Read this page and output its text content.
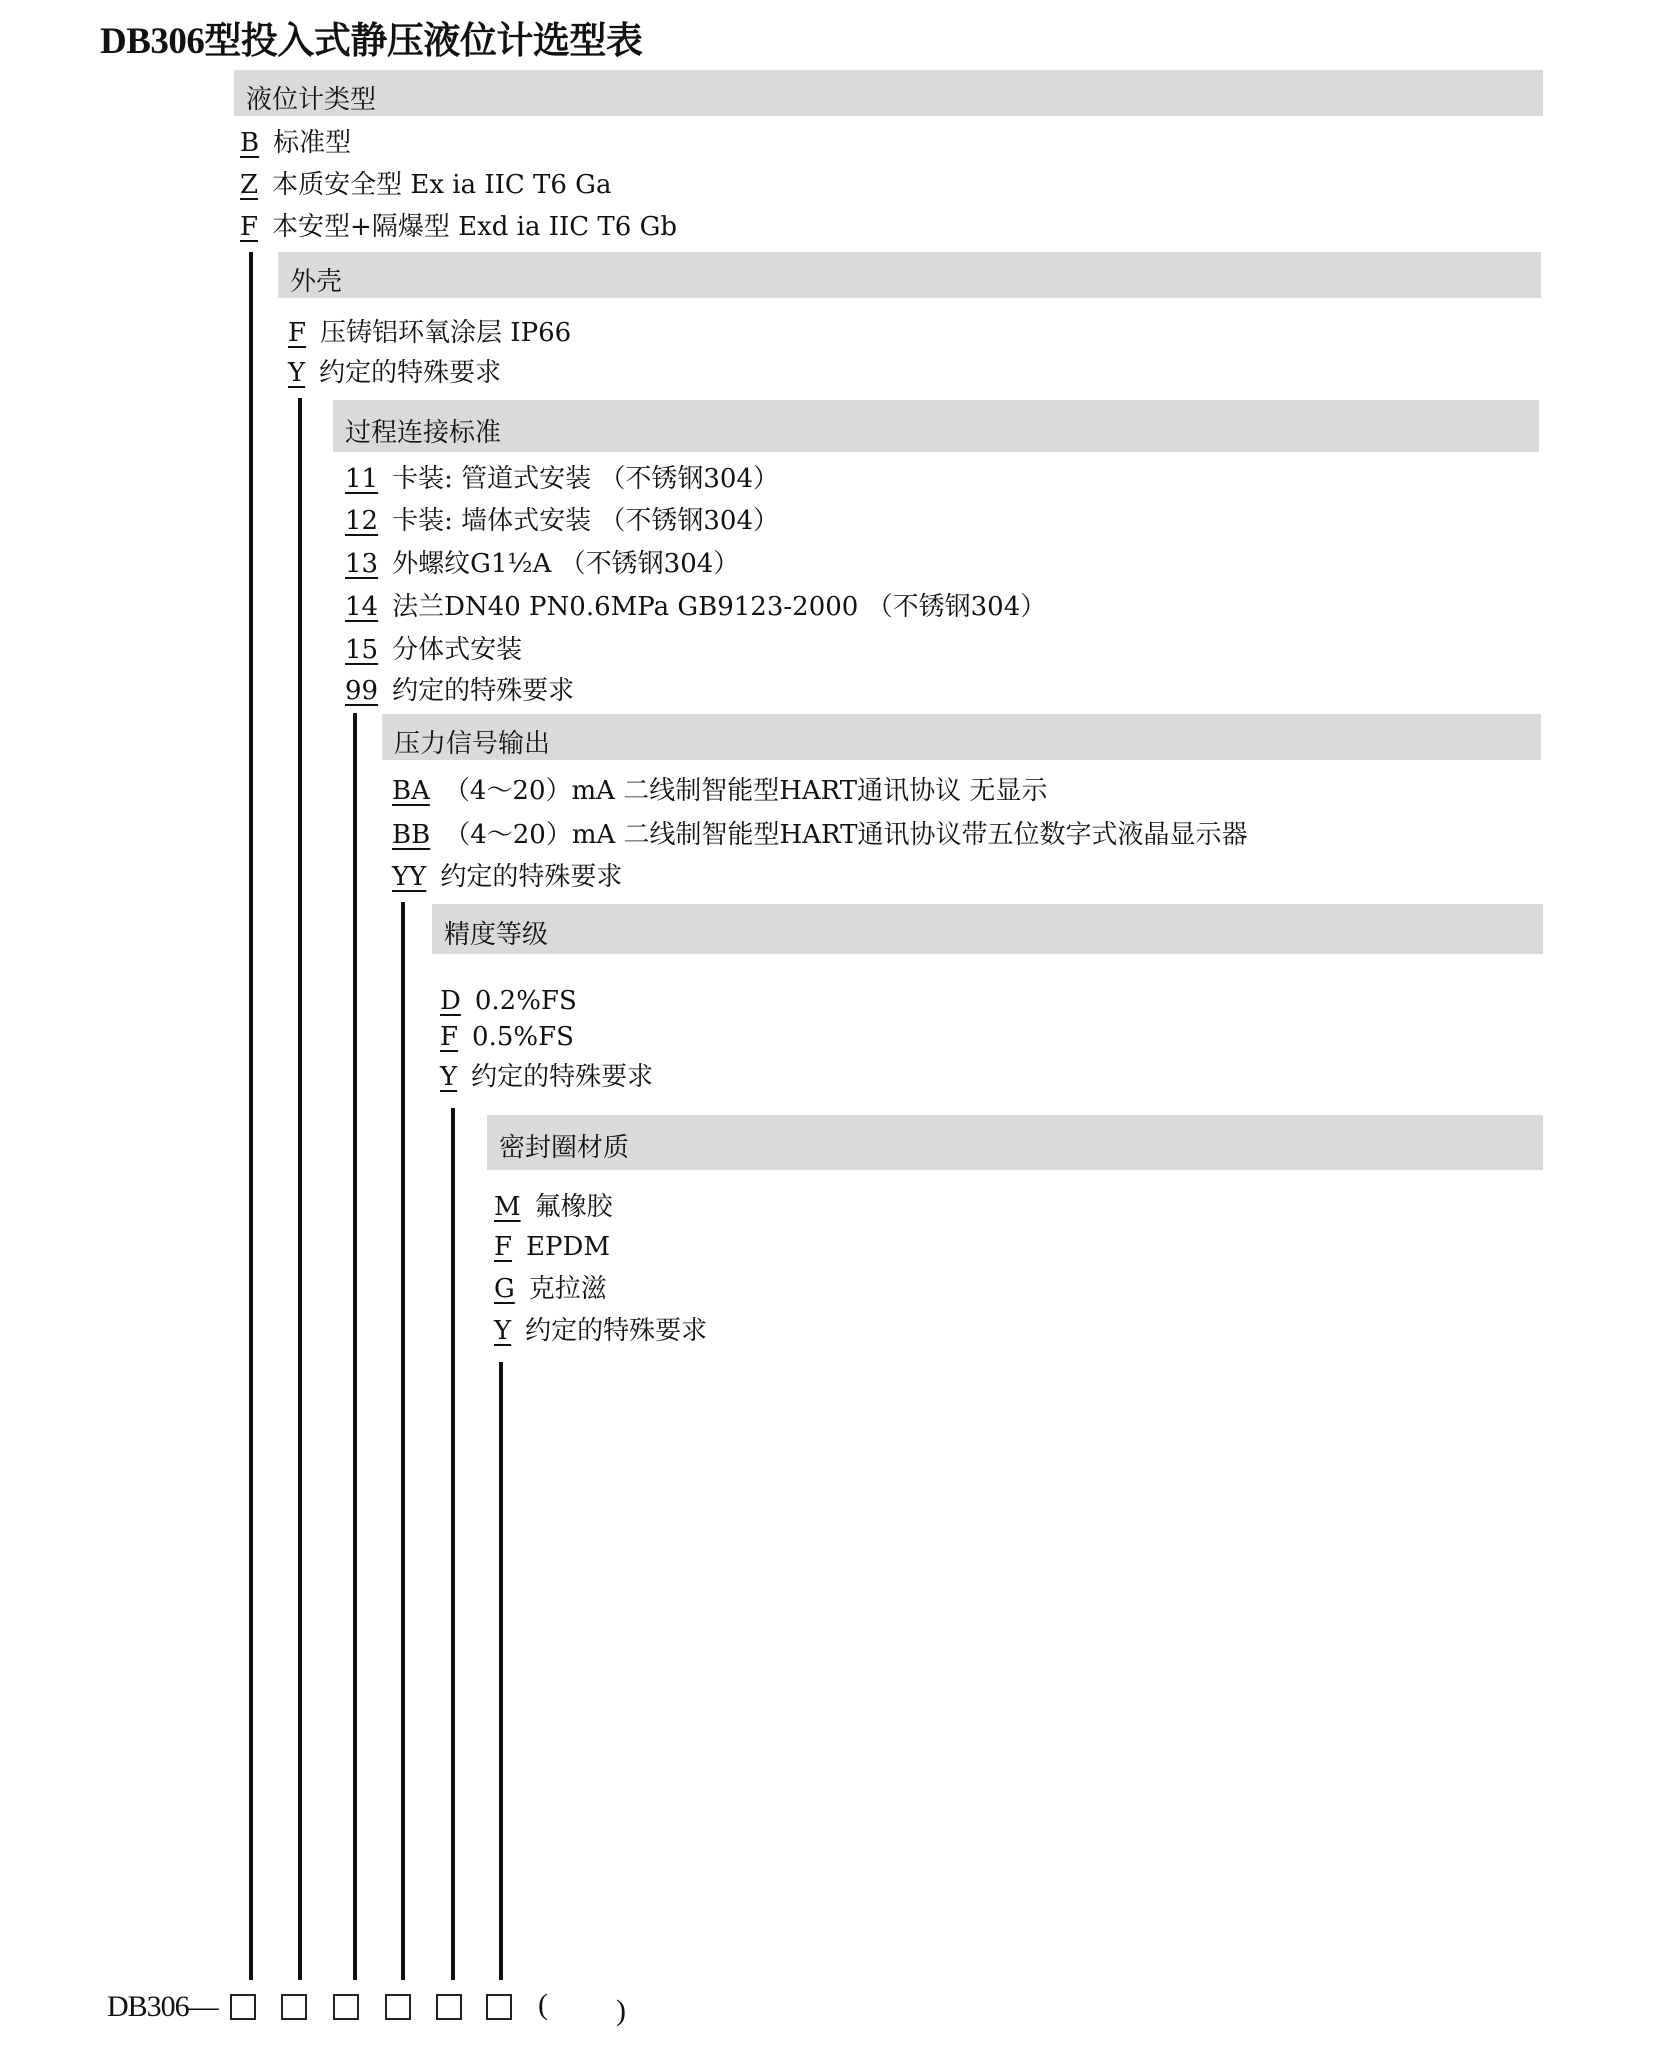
DB306型投入式静压液位计选型表
液位计类型
B 标准型
Z 本质安全型 Ex ia IIC T6 Ga
F 本安型+隔爆型 Exd ia IIC T6 Gb
外壳
F 压铸铝环氧涂层 IP66
Y 约定的特殊要求
过程连接标准
11 卡装: 管道式安装 （不锈钢304）
12 卡装: 墙体式安装 （不锈钢304）
13 外螺纹G1½A （不锈钢304）
14 法兰DN40 PN0.6MPa GB9123-2000 （不锈钢304）
15 分体式安装
99 约定的特殊要求
压力信号输出
BA （4～20）mA 二线制智能型HART通讯协议 无显示
BB （4～20）mA 二线制智能型HART通讯协议带五位数字式液晶显示器
YY 约定的特殊要求
精度等级
D 0.2%FS
F 0.5%FS
Y 约定的特殊要求
密封圈材质
M 氟橡胶
F EPDM
G 克拉滋
Y 约定的特殊要求
DB306—	( )
